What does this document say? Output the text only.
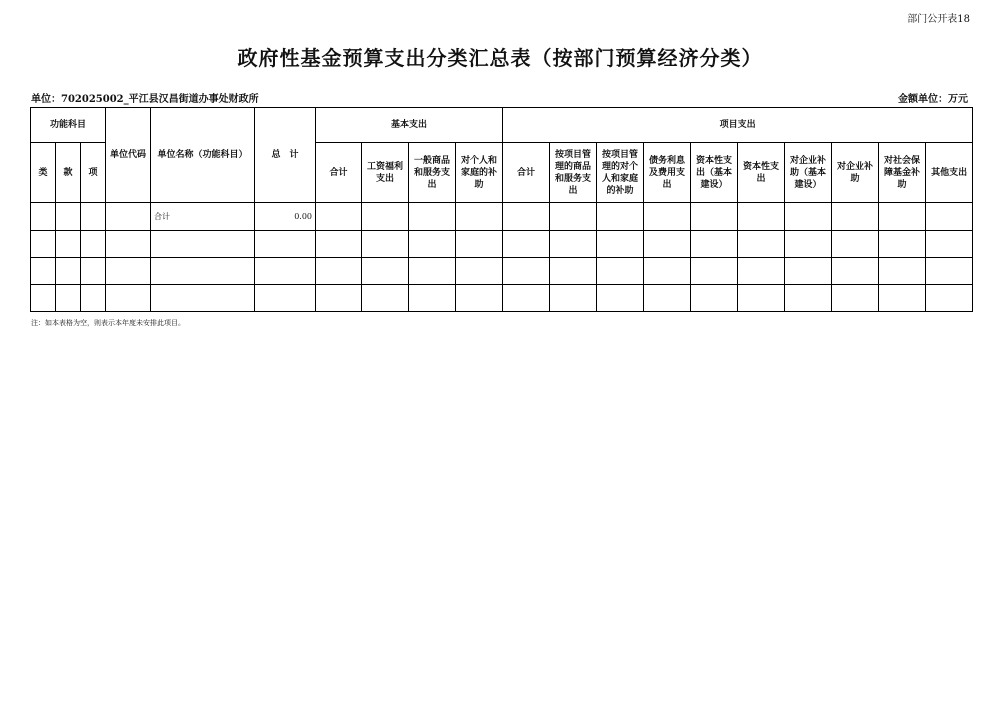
部门公开表18
政府性基金预算支出分类汇总表（按部门预算经济分类）
单位：702025002_平江县汉昌街道办事处财政所	金额单位：万元
功能科目			单位代码	单位名称（功能科目）	总　计	基本支出				项目支出									
类	款	项				合计	工资福利支出	一般商品和服务支出	对个人和家庭的补助	合计	按项目管理的商品和服务支出	按项目管理的对个人和家庭的补助	债务利息及费用支出	资本性支出（基本建设）	资本性支出	对企业补助（基本建设）	对企业补助	对社会保障基金补助	其他支出
				合计	0.00														

注：如本表格为空，则表示本年度未安排此项目。
